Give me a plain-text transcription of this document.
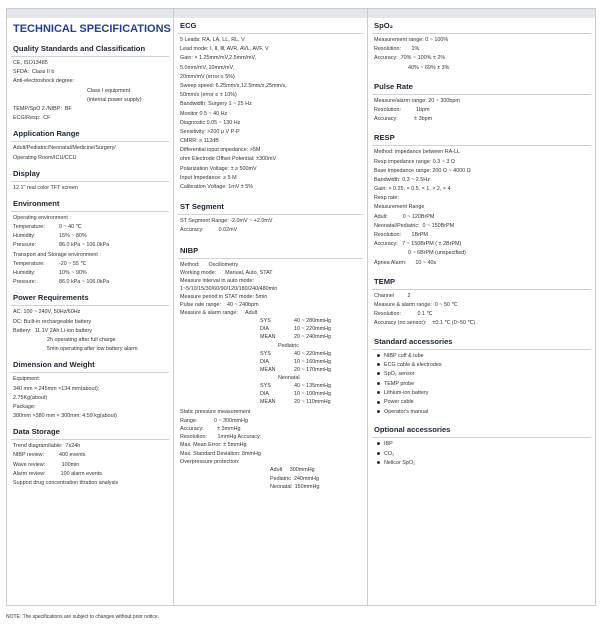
TECHNICAL SPECIFICATIONS
Quality Standards and Classification
CE, ISO13485
SFDA:  Class II b
Anti-electroshock degree:
Class I equipment
(internal power supply)
TEMP/SpO 2 /NIBP:  BF
ECG/Resp:  CF
Application Range
Adult/Pediatric/Neonatal/Medicine/Surgery/
Operating Room/ICU/CCU
Display
12.1" real color TFT screen
Environment
Operating environment :
Temperature:	0 ~ 40 ℃
Humidity:	15% ~ 80%
Pressure:	86.0 kPa ~ 106.0kPa
Transport and Storage environment :
Temperature:	-20 ~ 55 ℃
Humidity:	10% ~ 90%
Pressure:	86.0 kPa ~ 106.0kPa
Power Requirements
AC: 100 ~ 240V, 50Hz/60Hz
DC: Built-in rechargeable battery
Battery:  11.1V 2Ah Li-ion battery
2h operating after full charge
5min operating after low battery alarm
Dimension and Weight
Equipment:
340 mm × 245mm ×134 mm(about);
2.75Kg(about)
Package:
380mm ×380 mm × 300mm; 4.59 kg(about)
Data Storage
Trend diagram/table:  7x24h
NIBP review:          400 events
Wave review:           100min
Alarm review:          100 alarm events
Support drug concentration titration analysis
ECG
5 Leads: RA, LA, LL, RL, V
Lead mode: Ⅰ, Ⅱ, Ⅲ, AVR, AVL, AVF, V
Gain: × 1.25mm/mV,2.5mm/mV,
5.0mm/mV, 10mm/mV,
20mm/mV (error ≤ 5%)
Sweep speed: 6.25mm/s,12.5mm/s,25mm/s,
50mm/s (error ≤ ± 10%)
Bandwidth: Surgery 1 ~ 25 Hz
Monitor 0.5 ~ 40 Hz
Diagnostic 0.05 ~ 130 Hz
Sensitivity: >200 μ V P-P
CMRR: ≥ 112dB
Differential input impedance: >5M
ohm Electrode Offset Potential: ±300mV
Polarization Voltage: ± ≥ 500mV
Input Impedance: ≥ 5 M
Calibration Voltage: 1mV ± 5%
ST Segment
ST Segment Range: -2.0mV ~ +2.0mV
Accuracy:          0.02mV
NIBP
Method:      Oscillometry
Working mode:      Manual, Auto, STAT
Measure interval in auto mode:
1~5/10/15/30/60/90/120/180/240/480min
Measure period in STAT mode: 5min
Pulse rate range:    40 ~ 240bpm
Measure & alarm range:     Adult
SYS	40 ~ 280mmHg
DIA	10 ~ 220mmHg
MEAN	20 ~ 240mmHg
Pediatric
SYS	40 ~ 220mmHg
DIA	10 ~ 160mmHg
MEAN	20 ~ 170mmHg
Neonatal
SYS	40 ~ 135mmHg
DIA	10 ~ 100mmHg
MEAN	20 ~ 110mmHg
Static pressure measurement
Range:           0 ~ 300mmHg
Accuracy:         ± 3mmHg
Resolution:       1mmHg Accuracy:
Max. Mean Error: ± 5mmHg
Max. Standard Deviation: 8mmHg
Overpressure protection:
Adult     300mmHg
Pediatric  240mmHg
Neonatal  150mmHg
SpO₂
Measurement range: 0 ~ 100%
Resolution:       1%
Accuracy:  70% ~ 100% ± 2%
40% ~ 69% ± 3%
Pulse Rate
Measure/alarm range: 20 ~ 300bpm
Resolution:          1bpm
Accuracy:           ± 3bpm
RESP
Method: impedance between RA-LL
Resp impedance range: 0.3 ~ 3 Ω
Base impedance range: 200 Ω ~ 4000 Ω
Bandwidth: 0.3 ~ 2.5Hz
Gain: × 0.25, × 0.5, × 1, × 2, × 4
Resp rate:
Measurement Range
Adult:          0 ~ 120BrPM
Neonatal/Pediatric:  0 ~ 150BrPM
Resolution:       1BrPM
Accuracy:   7 ~ 150BrPM ( ± 2BrPM)
0 ~ 6BrPM (unspecified)
Apnea Alarm:      10 ~ 40s
TEMP
Channel         2
Measure & alarm range:  0 ~ 50 ℃
Resolution:           0.1 ℃
Accuracy (no sensor):    ±0.1 ℃ (0~50 ℃)
Standard accessories
NIBP cuff & tube
ECG cable & electrodes
SpO₂ sensor
TEMP probe
Lithium-ion battery
Power cable
Operator's manual
Optional accessories
IBP
CO₂
Nellcor SpO₂
NOTE: The specifications are subject to changes without prior notice.
